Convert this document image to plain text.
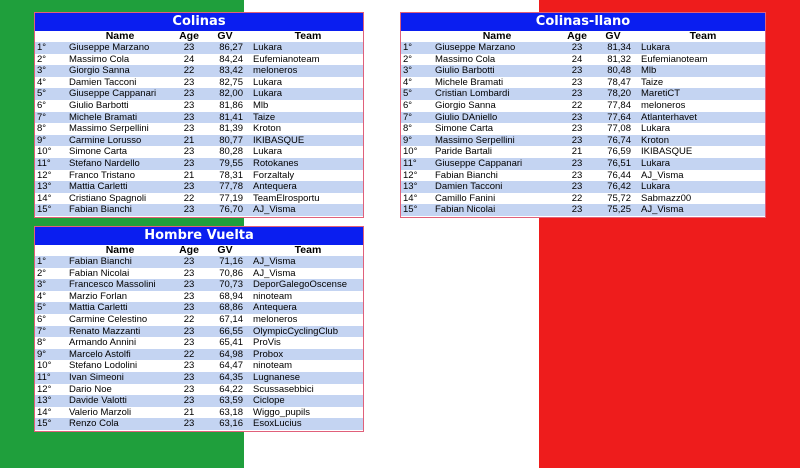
Colinas
	Name	Age	GV	Team
1°	Giuseppe Marzano	23	86,27	Lukara
2°	Massimo Cola	24	84,24	Eufemianoteam
3°	Giorgio Sanna	22	83,42	meloneros
4°	Damien Tacconi	23	82,75	Lukara
5°	Giuseppe Cappanari	23	82,00	Lukara
6°	Giulio Barbotti	23	81,86	Mlb
7°	Michele Bramati	23	81,41	Taize
8°	Massimo Serpellini	23	81,39	Kroton
9°	Carmine Lorusso	21	80,77	IKIBASQUE
10°	Simone Carta	23	80,28	Lukara
11°	Stefano Nardello	23	79,55	Rotokanes
12°	Franco Tristano	21	78,31	Forzaltaly
13°	Mattia Carletti	23	77,78	Antequera
14°	Cristiano Spagnoli	22	77,19	TeamElrosportu
15°	Fabian Bianchi	23	76,70	AJ_Visma
Colinas-llano
	Name	Age	GV	Team
1°	Giuseppe Marzano	23	81,34	Lukara
2°	Massimo Cola	24	81,32	Eufemianoteam
3°	Giulio Barbotti	23	80,48	Mlb
4°	Michele Bramati	23	78,47	Taize
5°	Cristian Lombardi	23	78,20	MaretiCT
6°	Giorgio Sanna	22	77,84	meloneros
7°	Giulio DAniello	23	77,64	Atlanterhavet
8°	Simone Carta	23	77,08	Lukara
9°	Massimo Serpellini	23	76,74	Kroton
10°	Paride Bartali	21	76,59	IKIBASQUE
11°	Giuseppe Cappanari	23	76,51	Lukara
12°	Fabian Bianchi	23	76,44	AJ_Visma
13°	Damien Tacconi	23	76,42	Lukara
14°	Camillo Fanini	22	75,72	Sabmazz00
15°	Fabian Nicolai	23	75,25	AJ_Visma
Hombre Vuelta
	Name	Age	GV	Team
1°	Fabian Bianchi	23	71,16	AJ_Visma
2°	Fabian Nicolai	23	70,86	AJ_Visma
3°	Francesco Massolini	23	70,73	DeporGalegoOscense
4°	Marzio Forlan	23	68,94	ninoteam
5°	Mattia Carletti	23	68,86	Antequera
6°	Carmine Celestino	22	67,14	meloneros
7°	Renato Mazzanti	23	66,55	OlympicCyclingClub
8°	Armando Annini	23	65,41	ProVis
9°	Marcelo Astolfi	22	64,98	Probox
10°	Stefano Lodolini	23	64,47	ninoteam
11°	Ivan Simeoni	23	64,35	Lugnanese
12°	Dario Noe	23	64,22	Scussasebbici
13°	Davide Valotti	23	63,59	Ciclope
14°	Valerio Marzoli	21	63,18	Wiggo_pupils
15°	Renzo Cola	23	63,16	EsoxLucius
